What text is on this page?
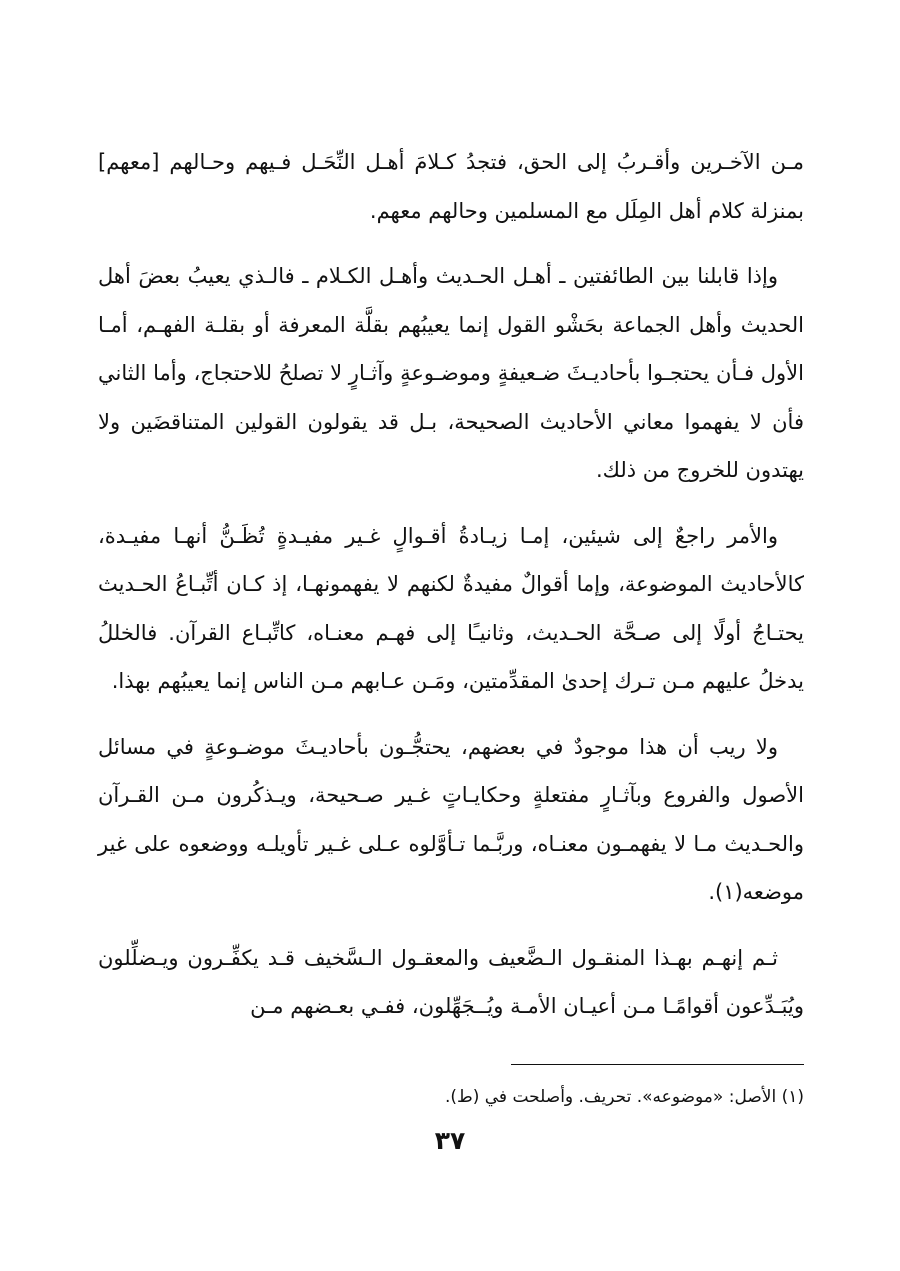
مـن الآخـرين وأقـربُ إلى الحق، فتجدُ كـلامَ أهـل النِّحَـل فـيهم وحـالهم [معهم] بمنزلة كلام أهل المِلَل مع المسلمين وحالهم معهم.

وإذا قابلنا بين الطائفتين ـ أهـل الحـديث وأهـل الكـلام ـ فالـذي يعيبُ بعضَ أهل الحديث وأهل الجماعة بحَشْو القول إنما يعيبُهم بقلَّة المعرفة أو بقلـة الفهـم، أمـا الأول فـأن يحتجـوا بأحاديـثَ ضـعيفةٍ وموضـوعةٍ وآثـارٍ لا تصلحُ للاحتجاج، وأما الثاني فأن لا يفهموا معاني الأحاديث الصحيحة، بـل قد يقولون القولين المتناقضَين ولا يهتدون للخروج من ذلك.

والأمر راجعٌ إلى شيئين، إمـا زيـادةُ أقـوالٍ غـير مفيـدةٍ تُظَـنُّ أنهـا مفيـدة، كالأحاديث الموضوعة، وإما أقوالٌ مفيدةٌ لكنهم لا يفهمونهـا، إذ كـان أتِّبـاعُ الحـديث يحتـاجُ أولًا إلى صـحَّة الحـديث، وثانيـًا إلى فهـم معنـاه، كاتِّبـاع القرآن. فالخللُ يدخلُ عليهم مـن تـرك إحدىٰ المقدِّمتين، ومَـن عـابهم مـن الناس إنما يعيبُهم بهذا.

ولا ريب أن هذا موجودٌ في بعضهم، يحتجُّـون بأحاديـثَ موضـوعةٍ في مسائل الأصول والفروع وبآثـارٍ مفتعلةٍ وحكايـاتٍ غـير صـحيحة، ويـذكُرون مـن القـرآن والحـديث مـا لا يفهمـون معنـاه، وربَّـما تـأوَّلوه عـلى غـير تأويلـه ووضعوه على غير موضعه(١).

ثـم إنهـم بهـذا المنقـول الـضَّعيف والمعقـول الـسَّخيف قـد يكفِّـرون ويـضلِّلون ويُبَـدِّعون أقوامًـا مـن أعيـان الأمـة ويُــجَهِّلون، ففـي بعـضهم مـن

(١) الأصل: «موضوعه». تحريف. وأصلحت في (ط).
٣٧
